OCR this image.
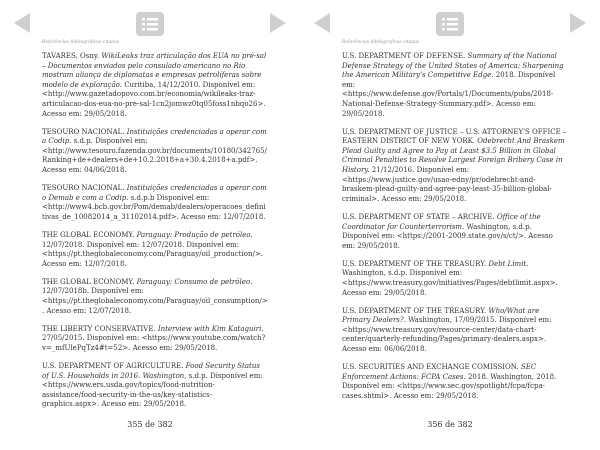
Referências bibliográficas citadas

TAVARES, Osny. WikiLeaks traz articulação dos EUA no pré-sal – Documentos enviados pelo consulado americano no Rio mostram aliança de diplomatas e empresas petrolíferas sobre modelo de exploração. Curitiba, 14/12/2010. Disponível em: <http://www.gazetadopovo.com.br/economia/wikileaks-traz-articulacao-dos-eua-no-pre-sal-1cn2jomwz0tq05foss1nbqo26>. Acesso em: 29/05/2018.

TESOURO NACIONAL. Instituições credenciadas a operar com a Codip. s.d.p. Disponível em: <http://www.tesouro.fazenda.gov.br/documents/10180/342765/Ranking+de+dealers+de+10.2.2018+a+30.4.2018+a.pdf>. Acesso em: 04/06/2018.

TESOURO NACIONAL. Instituições credenciadas a operar com o Demab e com a Codip. s.d.p.b Disponível em: <http://www4.bcb.gov.br/Pom/demab/dealers/operacoes_definitivas_de_10082014_a_31102014.pdf>. Acesso em: 12/07/2018.

THE GLOBAL ECONOMY. Paraguay: Produção de petróleo. 12/07/2018. Disponível em: 12/07/2018. Disponível em: <https://pt.theglobaleconomy.com/Paraguay/oil_production/>. Acesso em: 12/07/2018.

THE GLOBAL ECONOMY. Paraguay: Consumo de petróleo. 12/07/2018b. Disponível em: <https://pt.theglobaleconomy.com/Paraguay/oil_consumption/>. Acesso em: 12/07/2018.

THE LIBERTY CONSERVATIVE. Interview with Kim Kataguiri. 27/05/2015. Disponível em: <https://www.youtube.com/watch?v=_mfUlePqTz4#t=52>. Acesso em: 29/05/2018.

U.S. DEPARTMENT OF AGRICULTURE. Food Security Status of U.S. Households in 2016. Washington, s.d.p. Disponível em: <https://www.ers.usda.gov/topics/food-nutrition-assistance/food-security-in-the-us/key-statistics-graphics.aspx>. Acesso em: 29/05/2018.

355 de 382
Referências bibliográficas citadas

U.S. DEPARTMENT OF DEFENSE. Summary of the National Defense Strategy of the United States of America: Sharpening the American Military's Competitive Edge. 2018. Disponível em: <https://www.defense.gov/Portals/1/Documents/pubs/2018-National-Defense-Strategy-Summary.pdf>. Acesso em: 29/05/2018.

U.S. DEPARTMENT OF JUSTICE – U.S. ATTORNEY'S OFFICE – EASTERN DISTRICT OF NEW YORK. Odebrecht And Braskem Plead Guilty and Agree to Pay at Least $3.5 Billion in Global Criminal Penalties to Resolve Largest Foreign Bribery Case in History. 21/12/2016. Disponível em: <https://www.justice.gov/usao-edny/pr/odebrecht-and-braskem-plead-guilty-and-agree-pay-least-35-billion-global-criminal>. Acesso em: 29/05/2018.

U.S. DEPARTMENT OF STATE – ARCHIVE. Office of the Coordinator for Counterterrorism. Washington, s.d.p. Disponível em: <https://2001-2009.state.gov/s/ct/>. Acesso em: 29/05/2018.

U.S. DEPARTMENT OF THE TREASURY. Debt Limit. Washington, s.d.p. Disponível em: <https://www.treasury.gov/initiatives/Pages/debtlimit.aspx>. Acesso em: 29/05/2018.

U.S. DEPARTMENT OF THE TREASURY. Who/What are Primary Dealers?. Washington, 17/09/2015. Disponível em: <https://www.treasury.gov/resource-center/data-chart-center/quarterly-refunding/Pages/primary-dealers.aspx>. Acesso em: 06/06/2018.

U.S. SECURITIES AND EXCHANGE COMISSION. SEC Enforcement Actions: FCPA Cases. 2018. Washington, 2018. Disponível em: <https://www.sec.gov/spotlight/fcpa/fcpa-cases.shtml>. Acesso em: 29/05/2018.

356 de 382
